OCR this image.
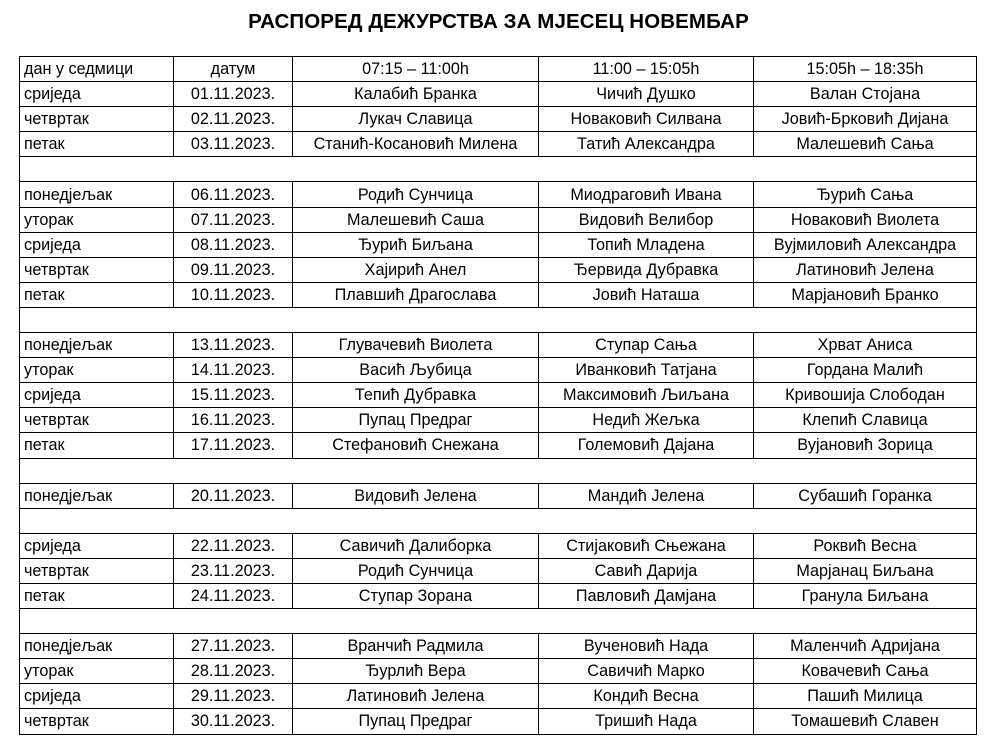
РАСПОРЕД ДЕЖУРСТВА ЗА МЈЕСЕЦ НОВЕМБАР
дан у седмици	датум	07:15 – 11:00h	11:00 – 15:05h	15:05h – 18:35h
сриједа	01.11.2023.	Калабић Бранка	Чичић Душко	Валан Стојана
четвртак	02.11.2023.	Лукач Славица	Новаковић Силвана	Јовић-Брковић Дијана
петак	03.11.2023.	Станић-Косановић Милена	Татић Александра	Малешевић Сања

понедјељак	06.11.2023.	Родић Сунчица	Миодраговић Ивана	Ђурић Сања
уторак	07.11.2023.	Малешевић Саша	Видовић Велибор	Новаковић Виолета
сриједа	08.11.2023.	Ђурић Биљана	Топић Младена	Вујмиловић Александра
четвртак	09.11.2023.	Хајирић Анел	Ђервида Дубравка	Латиновић Јелена
петак	10.11.2023.	Плавшић Драгослава	Јовић Наташа	Марјановић Бранко

понедјељак	13.11.2023.	Глувачевић Виолета	Ступар Сања	Хрват Аниса
уторак	14.11.2023.	Васић Љубица	Иванковић Татјана	Гордана Малић
сриједа	15.11.2023.	Тепић Дубравка	Максимовић Љиљана	Кривошија Слободан
четвртак	16.11.2023.	Пупац Предраг	Недић Жељка	Клепић Славица
петак	17.11.2023.	Стефановић Снежана	Големовић Дајана	Вујановић Зорица

понедјељак	20.11.2023.	Видовић Јелена	Мандић Јелена	Субашић Горанка

сриједа	22.11.2023.	Савичић Далиборка	Стијаковић Сњежана	Роквић Весна
четвртак	23.11.2023.	Родић Сунчица	Савић Дарија	Марјанац Биљана
петак	24.11.2023.	Ступар Зорана	Павловић Дамјана	Гранула Биљана

понедјељак	27.11.2023.	Вранчић Радмила	Вученовић Нада	Маленчић Адријана
уторак	28.11.2023.	Ђурлић Вера	Савичић Марко	Ковачевић Сања
сриједа	29.11.2023.	Латиновић Јелена	Кондић Весна	Пашић Милица
четвртак	30.11.2023.	Пупац Предраг	Тришић Нада	Томашевић Славен
